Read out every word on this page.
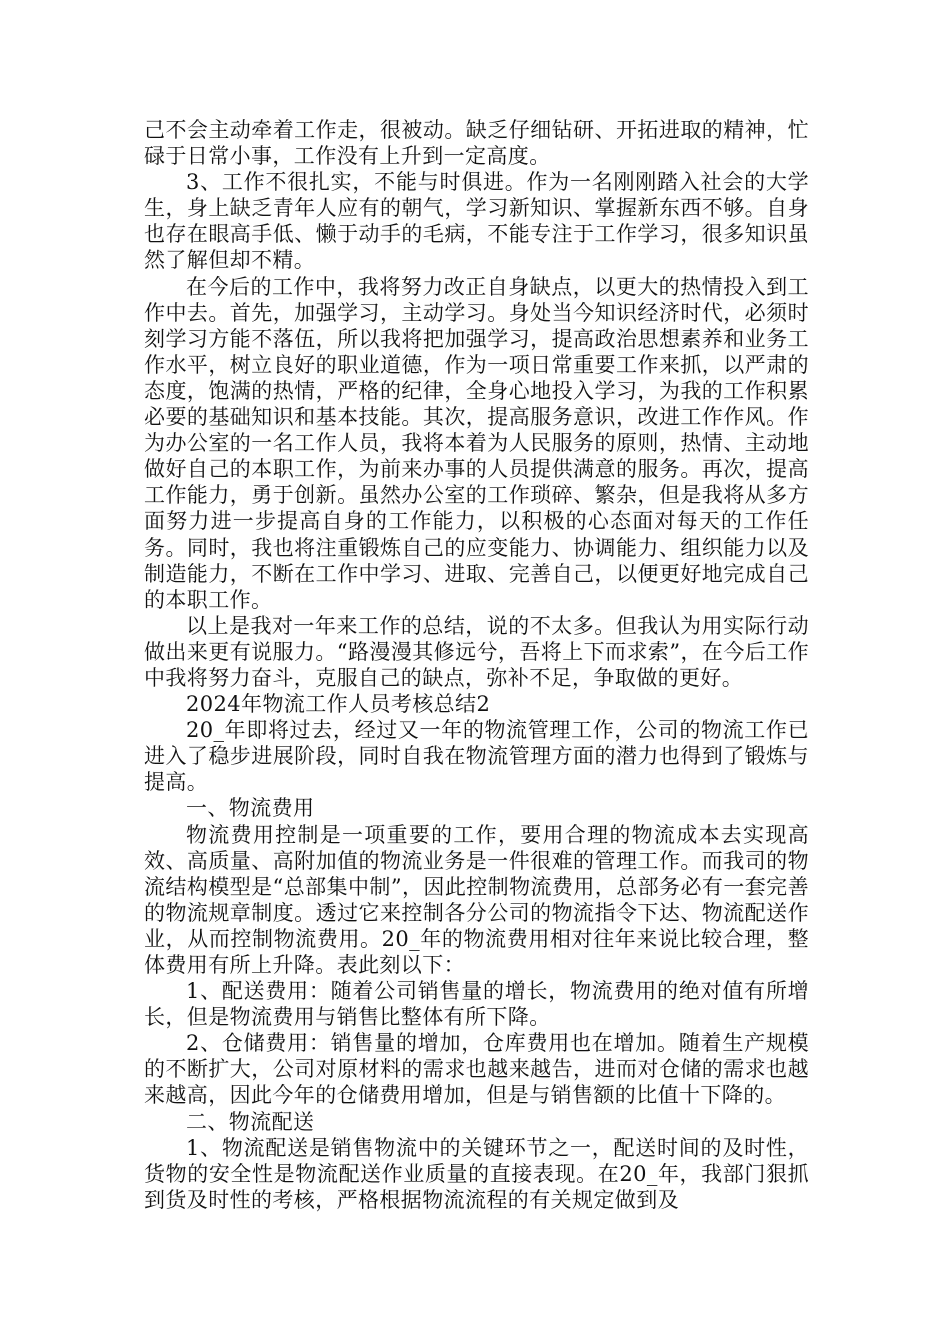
己不会主动牵着工作走，很被动。缺乏仔细钻研、开拓进取的精神，忙碌于日常小事，工作没有上升到一定高度。

3、工作不很扎实，不能与时俱进。作为一名刚刚踏入社会的大学生，身上缺乏青年人应有的朝气，学习新知识、掌握新东西不够。自身也存在眼高手低、懒于动手的毛病，不能专注于工作学习，很多知识虽然了解但却不精。

在今后的工作中，我将努力改正自身缺点，以更大的热情投入到工作中去。首先，加强学习，主动学习。身处当今知识经济时代，必须时刻学习方能不落伍，所以我将把加强学习，提高政治思想素养和业务工作水平，树立良好的职业道德，作为一项日常重要工作来抓，以严肃的态度，饱满的热情，严格的纪律，全身心地投入学习，为我的工作积累必要的基础知识和基本技能。其次，提高服务意识，改进工作作风。作为办公室的一名工作人员，我将本着为人民服务的原则，热情、主动地做好自己的本职工作，为前来办事的人员提供满意的服务。再次，提高工作能力，勇于创新。虽然办公室的工作琐碎、繁杂，但是我将从多方面努力进一步提高自身的工作能力，以积极的心态面对每天的工作任务。同时，我也将注重锻炼自己的应变能力、协调能力、组织能力以及制造能力，不断在工作中学习、进取、完善自己，以便更好地完成自己的本职工作。

以上是我对一年来工作的总结，说的不太多。但我认为用实际行动做出来更有说服力。“路漫漫其修远兮，吾将上下而求索”，在今后工作中我将努力奋斗，克服自己的缺点，弥补不足，争取做的更好。

2024年物流工作人员考核总结2

20_年即将过去，经过又一年的物流管理工作，公司的物流工作已进入了稳步进展阶段，同时自我在物流管理方面的潜力也得到了锻炼与提高。

一、物流费用

物流费用控制是一项重要的工作，要用合理的物流成本去实现高效、高质量、高附加值的物流业务是一件很难的管理工作。而我司的物流结构模型是“总部集中制”，因此控制物流费用，总部务必有一套完善的物流规章制度。透过它来控制各分公司的物流指令下达、物流配送作业，从而控制物流费用。20_年的物流费用相对往年来说比较合理，整体费用有所上升降。表此刻以下：

1、配送费用：随着公司销售量的增长，物流费用的绝对值有所增长，但是物流费用与销售比整体有所下降。

2、仓储费用：销售量的增加，仓库费用也在增加。随着生产规模的不断扩大，公司对原材料的需求也越来越告，进而对仓储的需求也越来越高，因此今年的仓储费用增加，但是与销售额的比值十下降的。

二、物流配送

1、物流配送是销售物流中的关键环节之一，配送时间的及时性，货物的安全性是物流配送作业质量的直接表现。在20_年，我部门狠抓到货及时性的考核，严格根据物流流程的有关规定做到及
